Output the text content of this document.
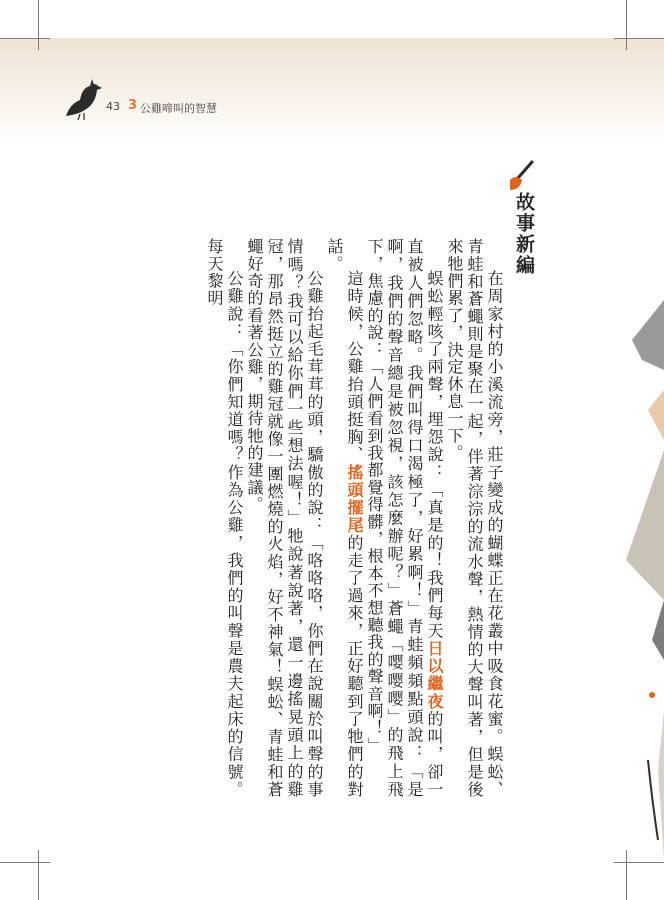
43 3 公雞啼叫的智慧
故事新編

在周家村的小溪流旁，莊子變成的蝴蝶正在花叢中吸食花蜜。蜈蚣、青蛙和蒼蠅則是聚在一起，伴著淙淙的流水聲，熱情的大聲叫著，但是後來牠們累了，決定休息一下。

蜈蚣輕咳了兩聲，埋怨說：「真是的！我們每天日以繼夜的叫，卻一直被人們忽略。我們叫得口渴極了，好累啊！」青蛙頻頻點頭說：「是啊，我們的聲音總是被忽視，該怎麼辦呢？」蒼蠅「嘤嘤嘤」的飛上飛下，焦慮的說：「人們看到我都覺得髒，根本不想聽我的聲音啊！」

這時候，公雞抬頭挺胸、搖頭擺尾的走了過來，正好聽到了牠們的對話。

公雞抬起毛茸茸的頭，驕傲的說：「咯咯咯，你們在說關於叫聲的事情嗎？我可以給你們一些想法喔！」牠說著說著，還一邊搖晃頭上的雞冠，那昂然挺立的雞冠就像一團燃燒的火焰，好不神氣！蜈蚣、青蛙和蒼蠅好奇的看著公雞，期待牠的建議。

公雞說：「你們知道嗎？作為公雞，我們的叫聲是農夫起床的信號。每天黎明
